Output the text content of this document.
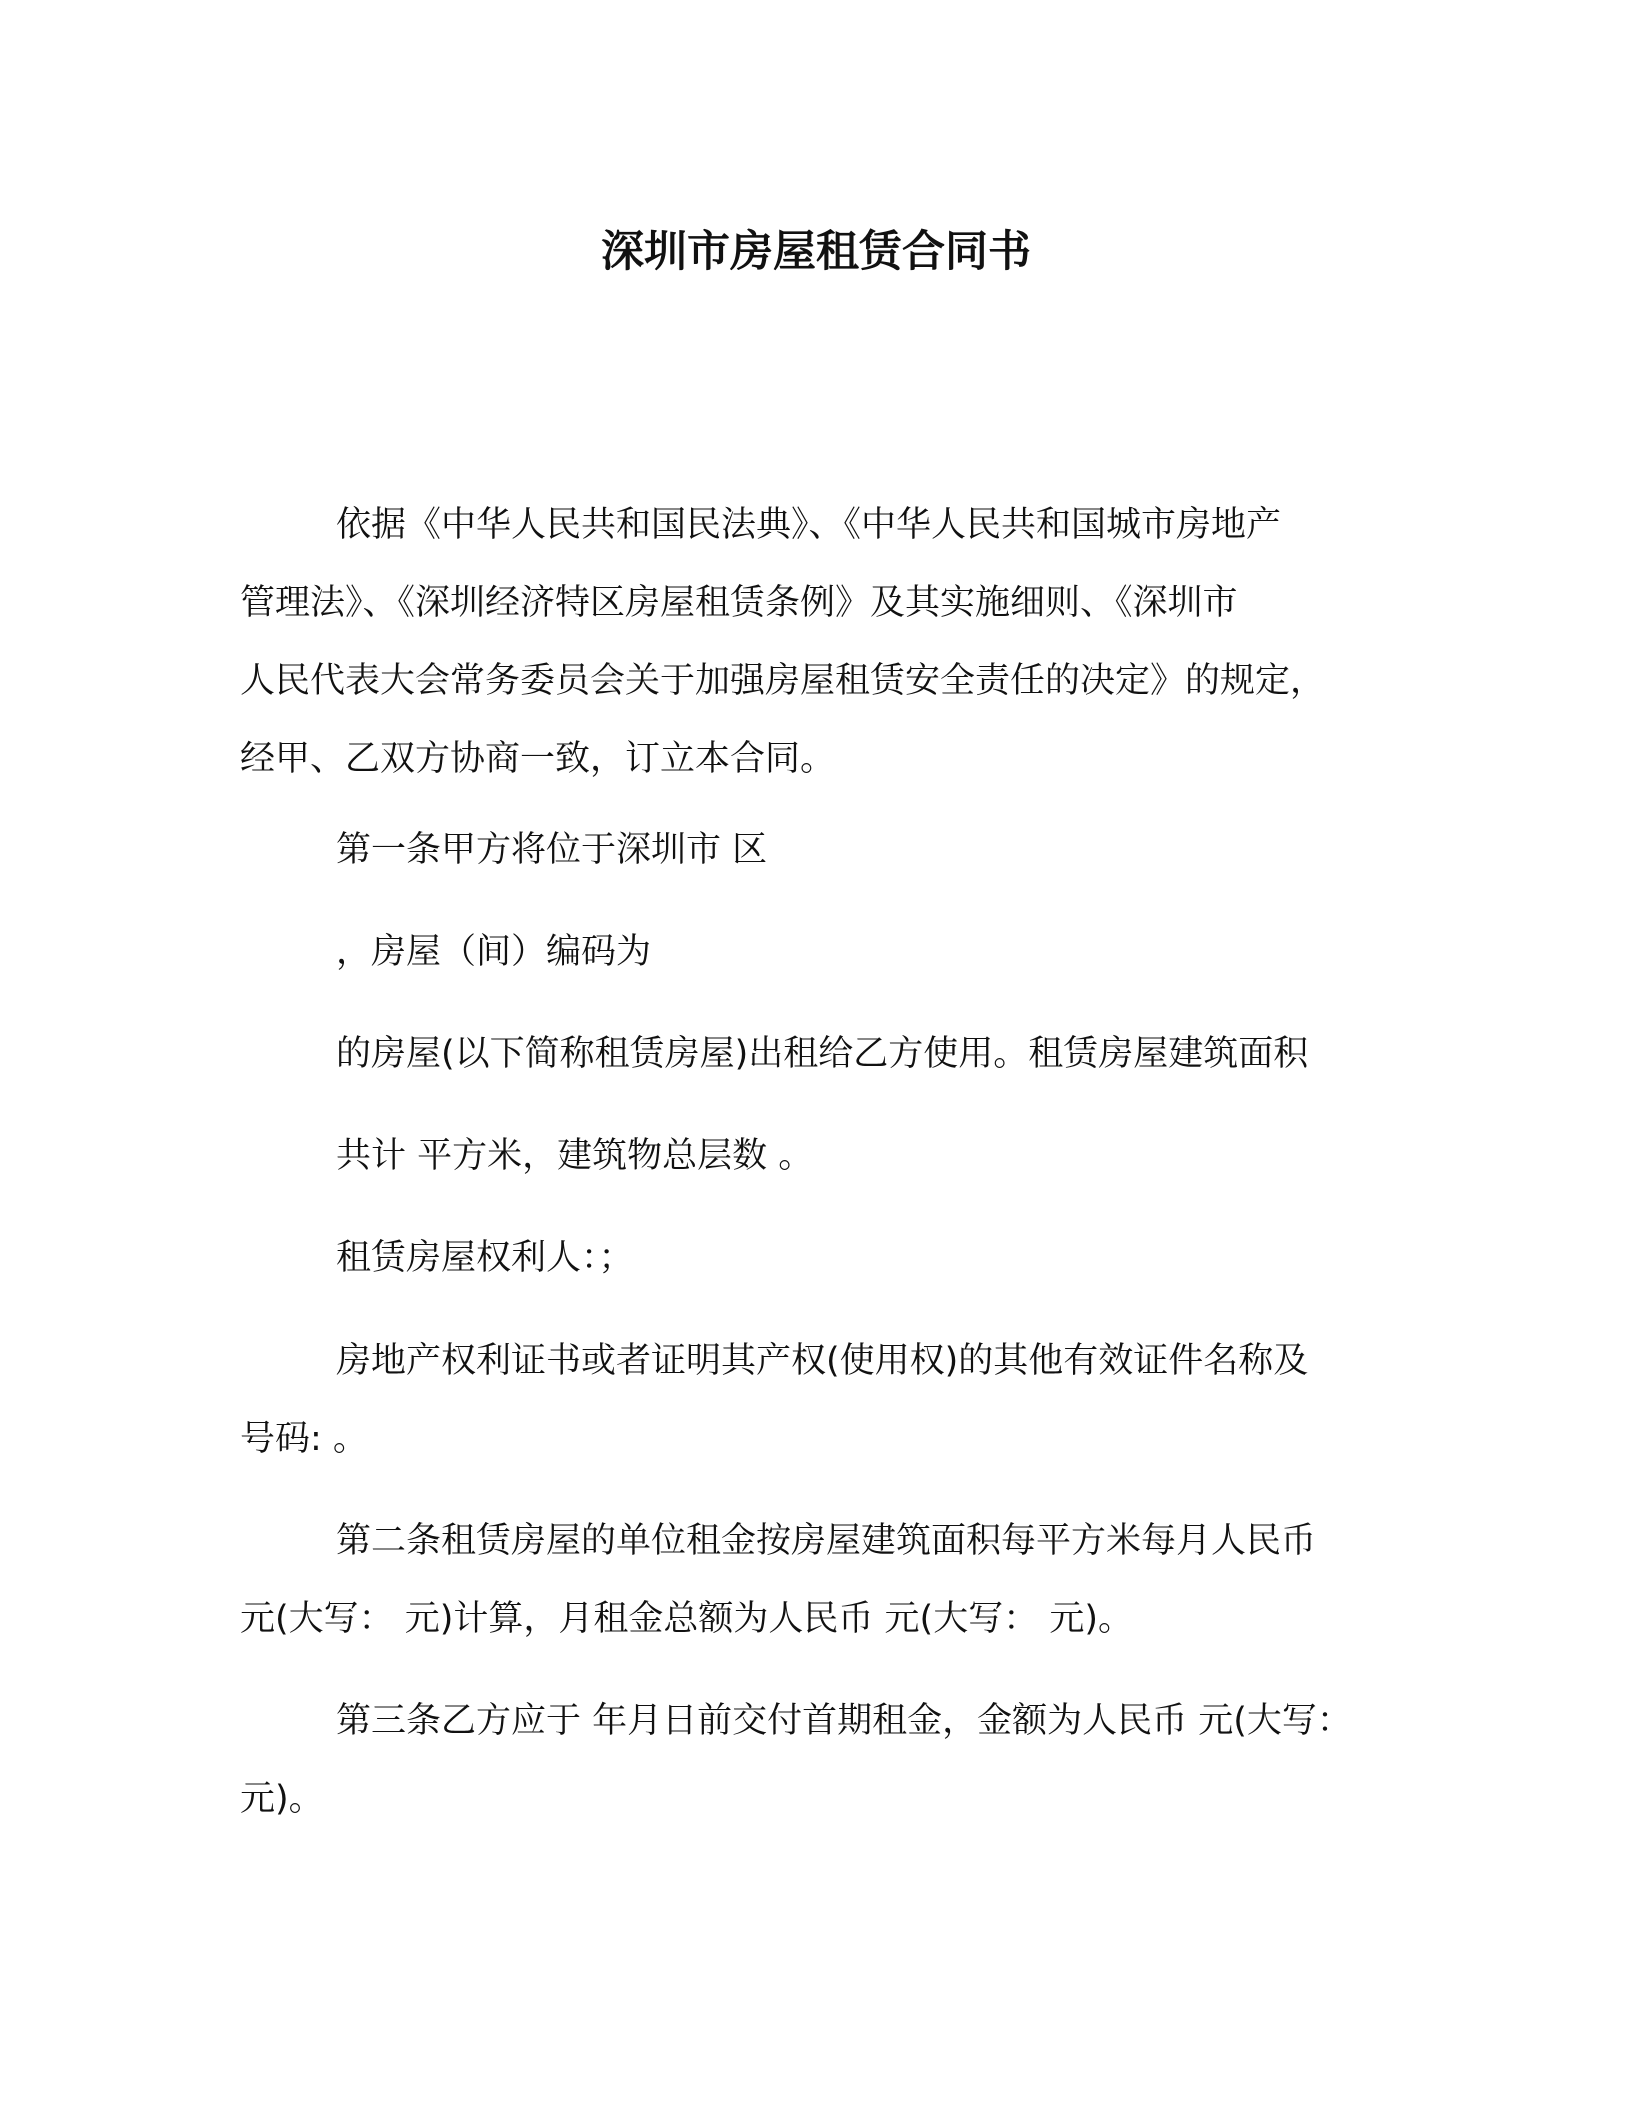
深圳市房屋租赁合同书
依据《中华人民共和国民法典》、《中华人民共和国城市房地产
管理法》、《深圳经济特区房屋租赁条例》及其实施细则、《深圳市
人民代表大会常务委员会关于加强房屋租赁安全责任的决定》的规定，
经甲、乙双方协商一致，订立本合同。
第一条甲方将位于深圳市 区
，房屋（间）编码为
的房屋(以下简称租赁房屋)出租给乙方使用。租赁房屋建筑面积
共计 平方米，建筑物总层数 。
租赁房屋权利人：；
房地产权利证书或者证明其产权(使用权)的其他有效证件名称及
号码: 。
第二条租赁房屋的单位租金按房屋建筑面积每平方米每月人民币
元(大写： 元)计算，月租金总额为人民币 元(大写： 元)。
第三条乙方应于 年月日前交付首期租金，金额为人民币 元(大写：
元)。
